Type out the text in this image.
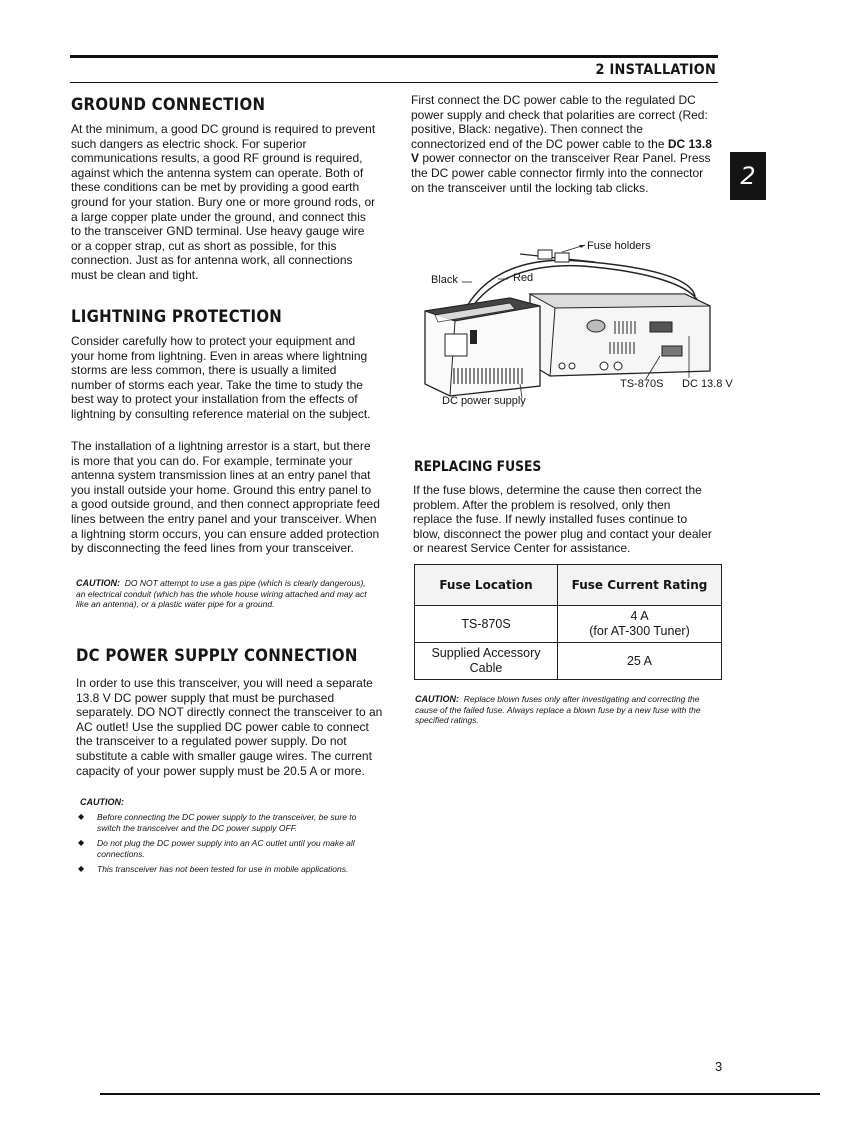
2 INSTALLATION
2
GROUND CONNECTION

At the minimum, a good DC ground is required to prevent such dangers as electric shock. For superior communications results, a good RF ground is required, against which the antenna system can operate. Both of these conditions can be met by providing a good earth ground for your station. Bury one or more ground rods, or a large copper plate under the ground, and connect this to the transceiver GND terminal. Use heavy gauge wire or a copper strap, cut as short as possible, for this connection. Just as for antenna work, all connections must be clean and tight.

LIGHTNING PROTECTION

Consider carefully how to protect your equipment and your home from lightning. Even in areas where lightning storms are less common, there is usually a limited number of storms each year. Take the time to study the best way to protect your installation from the effects of lightning by consulting reference material on the subject.

The installation of a lightning arrestor is a start, but there is more that you can do. For example, terminate your antenna system transmission lines at an entry panel that you install outside your home. Ground this entry panel to a good outside ground, and then connect appropriate feed lines between the entry panel and your transceiver. When a lightning storm occurs, you can ensure added protection by disconnecting the feed lines from your transceiver.

CAUTION: DO NOT attempt to use a gas pipe (which is clearly dangerous), an electrical conduit (which has the whole house wiring attached and may act like an antenna), or a plastic water pipe for a ground.
DC POWER SUPPLY CONNECTION

In order to use this transceiver, you will need a separate 13.8 V DC power supply that must be purchased separately. DO NOT directly connect the transceiver to an AC outlet! Use the supplied DC power cable to connect the transceiver to a regulated power supply. Do not substitute a cable with smaller gauge wires. The current capacity of your power supply must be 20.5 A or more.

CAUTION:
◆ Before connecting the DC power supply to the transceiver, be sure to switch the transceiver and the DC power supply OFF.
◆ Do not plug the DC power supply into an AC outlet until you make all connections.
◆ This transceiver has not been tested for use in mobile applications.

First connect the DC power cable to the regulated DC power supply and check that polarities are correct (Red: positive, Black: negative). Then connect the connectorized end of the DC power cable to the DC 13.8 V power connector on the transceiver Rear Panel. Press the DC power cable connector firmly into the connector on the transceiver until the locking tab clicks.

Fuse holders
Black	Red
TS-870S DC 13.8 V
DC power supply
REPLACING FUSES

If the fuse blows, determine the cause then correct the problem. After the problem is resolved, only then replace the fuse. If newly installed fuses continue to blow, disconnect the power plug and contact your dealer or nearest Service Center for assistance.

Fuse Location	Fuse Current Rating
TS-870S	4 A
(for AT-300 Tuner)

Supplied Accessory
Cable	25 A
CAUTION: Replace blown fuses only after investigating and correcting the cause of the failed fuse. Always replace a blown fuse by a new fuse with the specified ratings.
3
